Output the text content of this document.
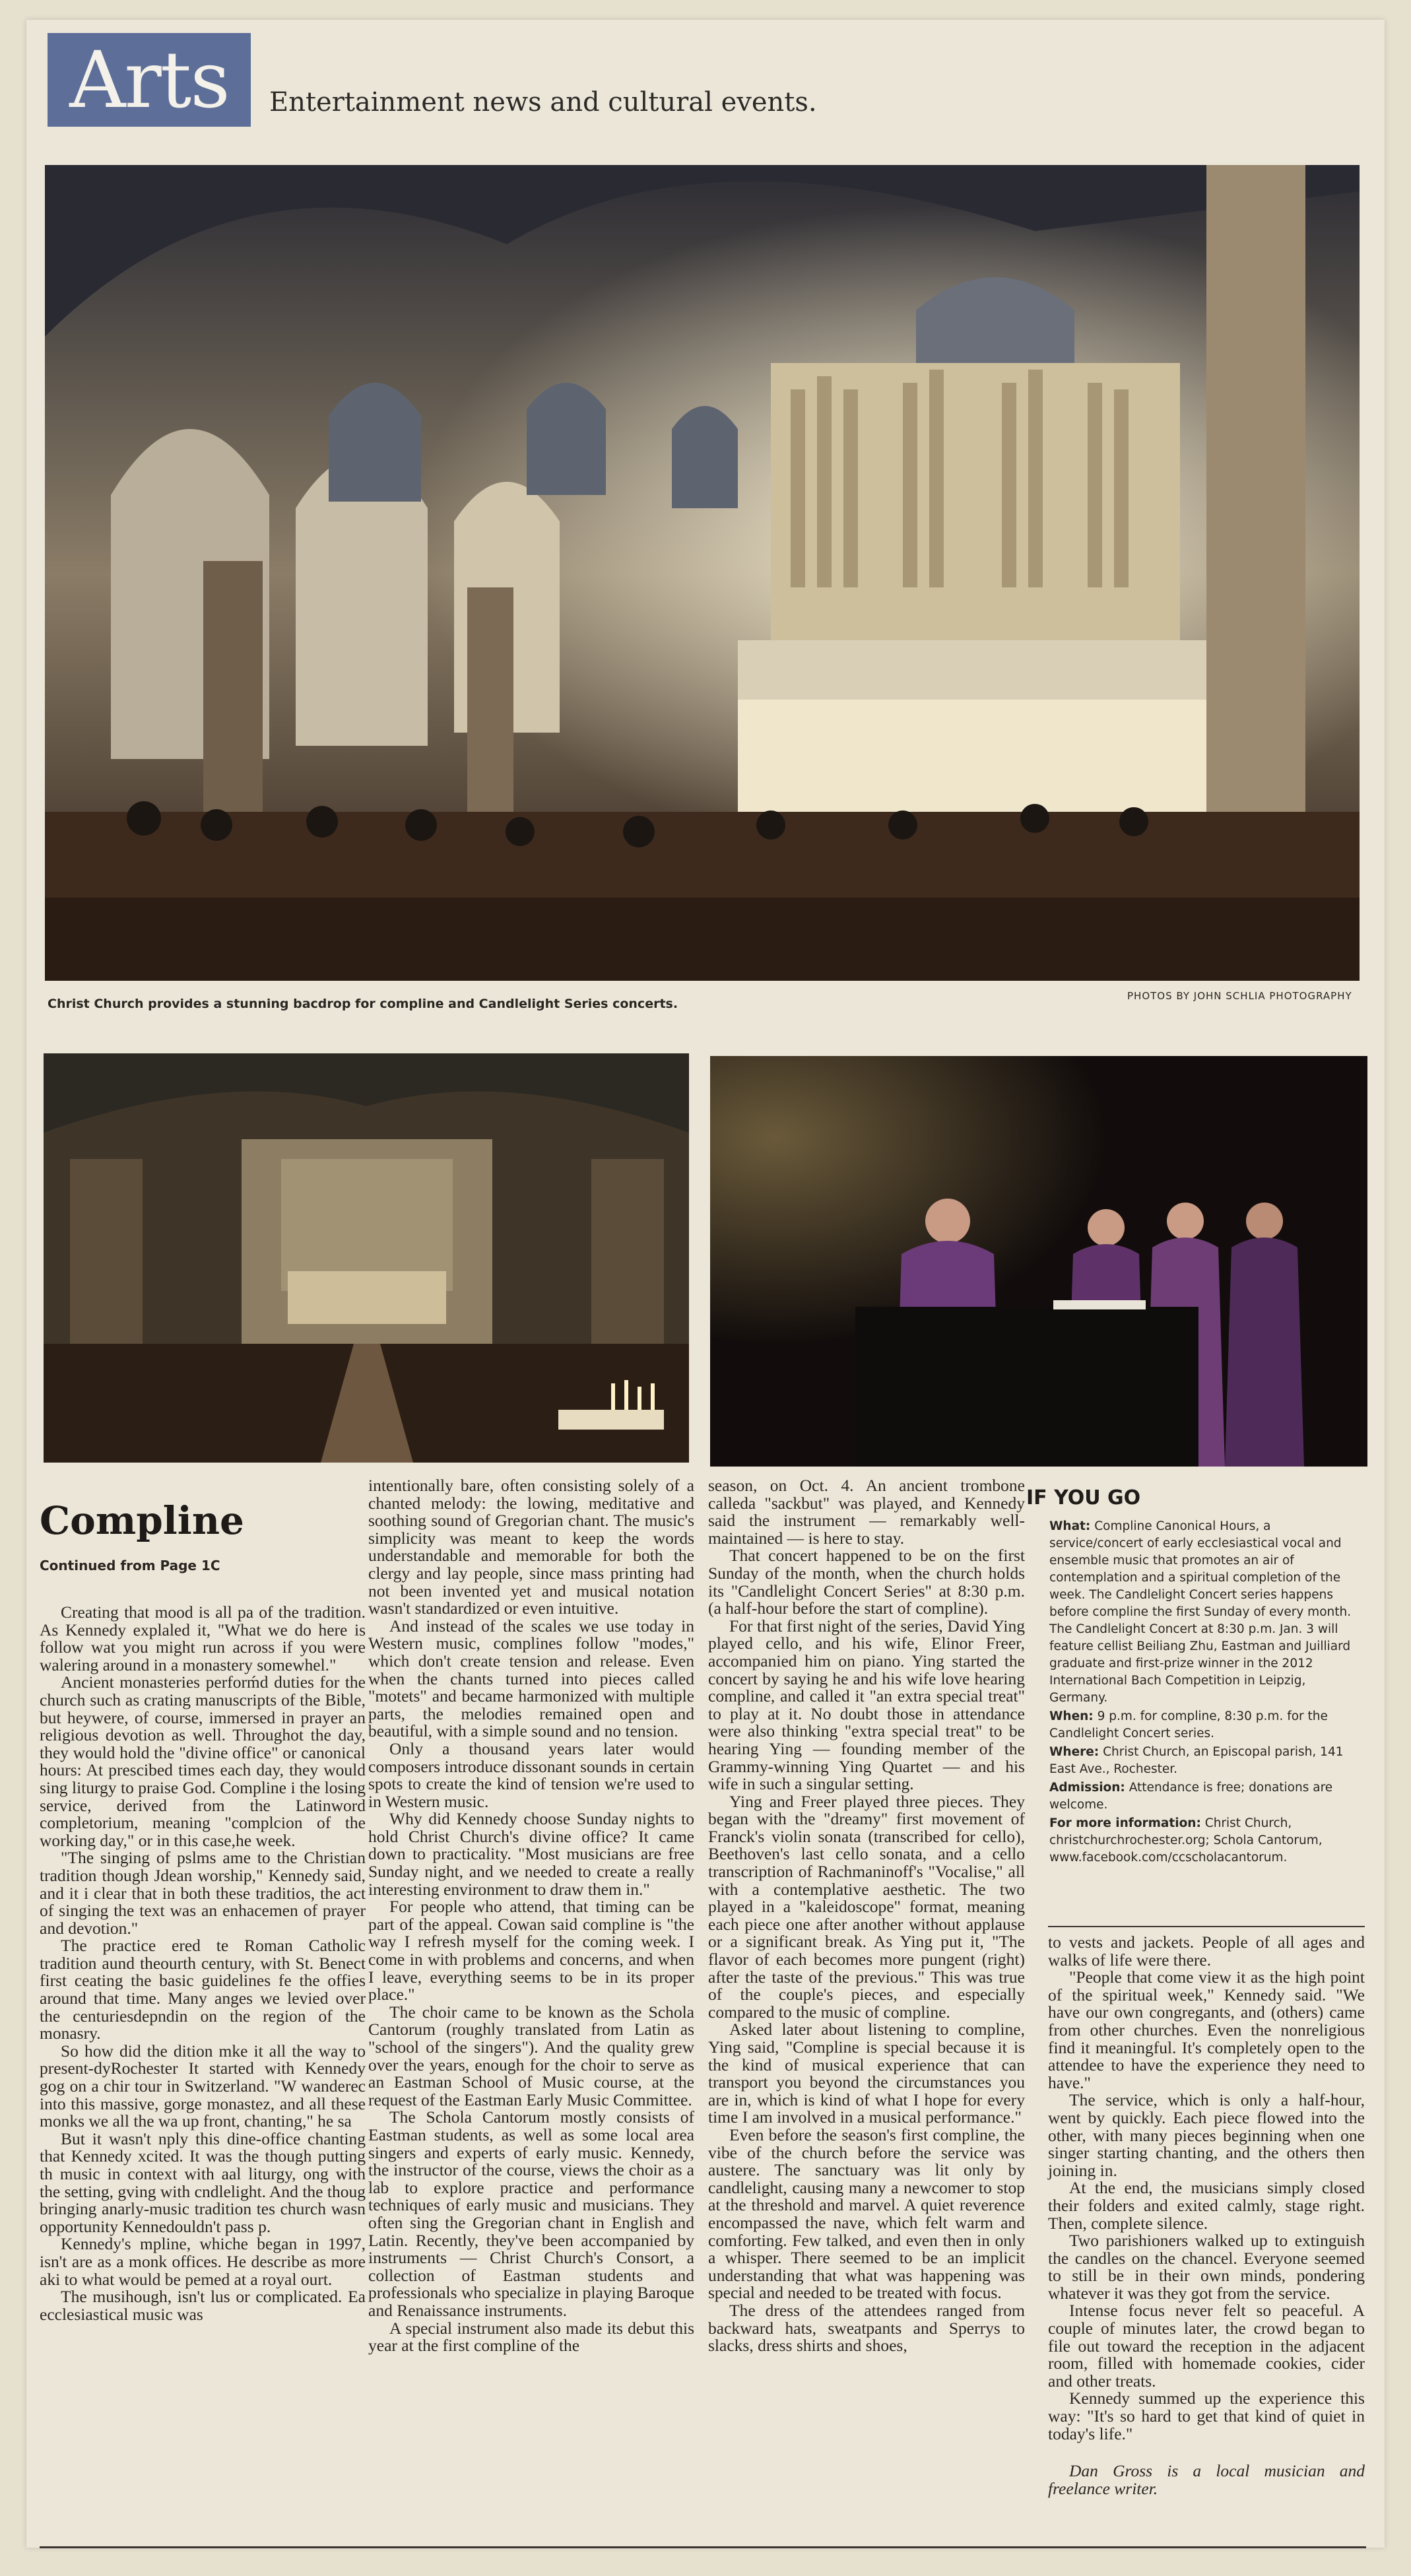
Arts	Entertainment news and cultural events.
Christ Church provides a stunning bacdrop for compline and Candlelight Series concerts.
PHOTOS BY JOHN SCHLIA PHOTOGRAPHY
Compline
Continued from Page 1C

Creating that mood is all pa of the tradition. As Kennedy explaled it, "What we do here is follow wat you might run across if you were walering around in a monastery somewhel."

Ancient monasteries perforḿd duties for the church such as crating manuscripts of the Bible, but heywere, of course, immersed in prayer an religious devotion as well. Throughot the day, they would hold the "divine office" or canonical hours: At prescibed times each day, they would sing liturgy to praise God. Compline i the losing service, derived from the Latinword completorium, meaning "complcion of the working day," or in this case,he week.

"The singing of pslms ame to the Christian tradition though Jdean worship," Kennedy said, and it i clear that in both these traditios, the act of singing the text was an enhacemen of prayer and devotion."

The practice ered te Roman Catholic tradition aund theourth century, with St. Benect first ceating the basic guidelines fe the offies around that time. Many anges we levied over the centuriesdepndin on the region of the monasry.

So how did the dition mke it all the way to present-dyRochester It started with Kennedy gog on a chir tour in Switzerland. "W wanderec into this massive, gorge monastez, and all these monks we all the wa up front, chanting," he sa

But it wasn't nply this dine-office chanting that Kennedy xcited. It was the though putting th music in context with aal liturgy, ong with the setting, gving with cndlelight. And the thoug bringing anarly-music tradition tes church wasn opportunity Kennedouldn't pass p.

Kennedy's mpline, whiche began in 1997, isn't are as a monk offices. He describe as more aki to what would be pemed at a royal ourt.

The musihough, isn't lus or complicated. Ea ecclesiastical music was

intentionally bare, often consisting solely of a chanted melody: the lowing, meditative and soothing sound of Gregorian chant. The music's simplicity was meant to keep the words understandable and memorable for both the clergy and lay people, since mass printing had not been invented yet and musical notation wasn't standardized or even intuitive.

And instead of the scales we use today in Western music, complines follow "modes," which don't create tension and release. Even when the chants turned into pieces called "motets" and became harmonized with multiple parts, the melodies remained open and beautiful, with a simple sound and no tension.

Only a thousand years later would composers introduce dissonant sounds in certain spots to create the kind of tension we're used to in Western music.

Why did Kennedy choose Sunday nights to hold Christ Church's divine office? It came down to practicality. "Most musicians are free Sunday night, and we needed to create a really interesting environment to draw them in."

For people who attend, that timing can be part of the appeal. Cowan said compline is "the way I refresh myself for the coming week. I come in with problems and concerns, and when I leave, everything seems to be in its proper place."

The choir came to be known as the Schola Cantorum (roughly translated from Latin as "school of the singers"). And the quality grew over the years, enough for the choir to serve as an Eastman School of Music course, at the request of the Eastman Early Music Committee.

The Schola Cantorum mostly consists of Eastman students, as well as some local area singers and experts of early music. Kennedy, the instructor of the course, views the choir as a lab to explore practice and performance techniques of early music and musicians. They often sing the Gregorian chant in English and Latin. Recently, they've been accompanied by instruments — Christ Church's Consort, a collection of Eastman students and professionals who specialize in playing Baroque and Renaissance instruments.

A special instrument also made its debut this year at the first compline of the

season, on Oct. 4. An ancient trombone calleda "sackbut" was played, and Kennedy said the instrument — remarkably well-maintained — is here to stay.

That concert happened to be on the first Sunday of the month, when the church holds its "Candlelight Concert Series" at 8:30 p.m. (a half-hour before the start of compline).

For that first night of the series, David Ying played cello, and his wife, Elinor Freer, accompanied him on piano. Ying started the concert by saying he and his wife love hearing compline, and called it "an extra special treat" to play at it. No doubt those in attendance were also thinking "extra special treat" to be hearing Ying — founding member of the Grammy-winning Ying Quartet — and his wife in such a singular setting.

Ying and Freer played three pieces. They began with the "dreamy" first movement of Franck's violin sonata (transcribed for cello), Beethoven's last cello sonata, and a cello transcription of Rachmaninoff's "Vocalise," all with a contemplative aesthetic. The two played in a "kaleidoscope" format, meaning each piece one after another without applause or a significant break. As Ying put it, "The flavor of each becomes more pungent (right) after the taste of the previous." This was true of the couple's pieces, and especially compared to the music of compline.

Asked later about listening to compline, Ying said, "Compline is special because it is the kind of musical experience that can transport you beyond the circumstances you are in, which is kind of what I hope for every time I am involved in a musical performance."

Even before the season's first compline, the vibe of the church before the service was austere. The sanctuary was lit only by candlelight, causing many a newcomer to stop at the threshold and marvel. A quiet reverence encompassed the nave, which felt warm and comforting. Few talked, and even then in only a whisper. There seemed to be an implicit understanding that what was happening was special and needed to be treated with focus.

The dress of the attendees ranged from backward hats, sweatpants and Sperrys to slacks, dress shirts and shoes,

IF YOU GO

What: Compline Canonical Hours, a service/concert of early ecclesiastical vocal and ensemble music that promotes an air of contemplation and a spiritual completion of the week. The Candlelight Concert series happens before compline the first Sunday of every month. The Candlelight Concert at 8:30 p.m. Jan. 3 will feature cellist Beiliang Zhu, Eastman and Juilliard graduate and first-prize winner in the 2012 International Bach Competition in Leipzig, Germany.

When: 9 p.m. for compline, 8:30 p.m. for the Candlelight Concert series.

Where: Christ Church, an Episcopal parish, 141 East Ave., Rochester.

Admission: Attendance is free; donations are welcome.

For more information: Christ Church, christchurchrochester.org; Schola Cantorum, www.facebook.com/ccscholacantorum.

to vests and jackets. People of all ages and walks of life were there.

"People that come view it as the high point of the spiritual week," Kennedy said. "We have our own congregants, and (others) came from other churches. Even the nonreligious find it meaningful. It's completely open to the attendee to have the experience they need to have."

The service, which is only a half-hour, went by quickly. Each piece flowed into the other, with many pieces beginning when one singer starting chanting, and the others then joining in.

At the end, the musicians simply closed their folders and exited calmly, stage right. Then, complete silence.

Two parishioners walked up to extinguish the candles on the chancel. Everyone seemed to still be in their own minds, pondering whatever it was they got from the service.

Intense focus never felt so peaceful. A couple of minutes later, the crowd began to file out toward the reception in the adjacent room, filled with homemade cookies, cider and other treats.

Kennedy summed up the experience this way: "It's so hard to get that kind of quiet in today's life."

Dan Gross is a local musician and freelance writer.
